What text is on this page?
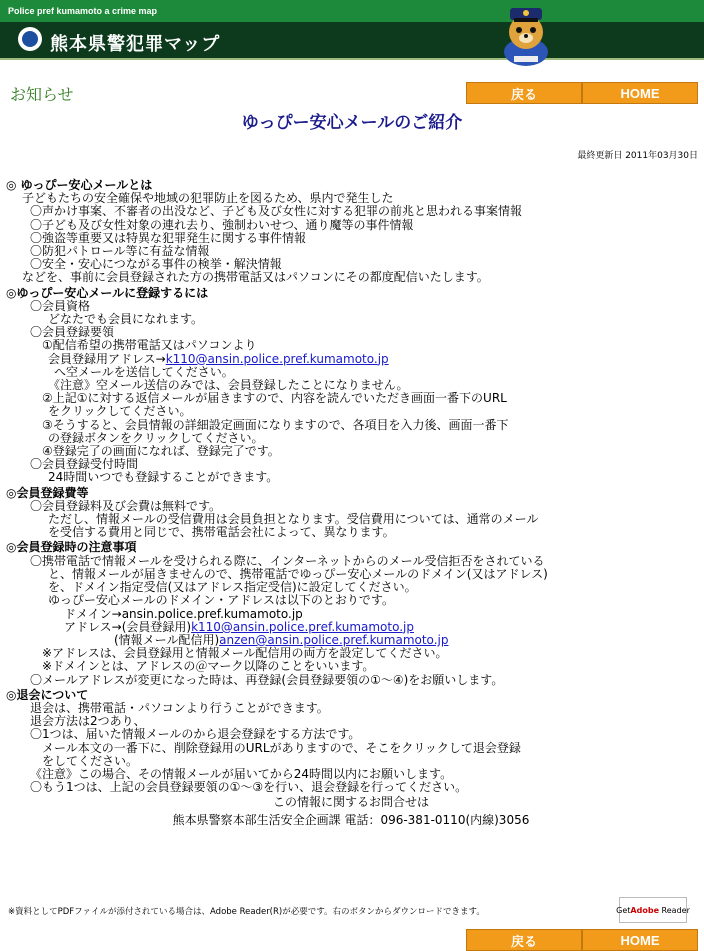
Police pref kumamoto a crime map
熊本県警犯罪マップ
お知らせ	戻る	HOME
ゆっぴー安心メールのご紹介
最終更新日 2011年03月30日
◎ ゆっぴー安心メールとは
子どもたちの安全確保や地域の犯罪防止を図るため、県内で発生した
〇声かけ事案、不審者の出没など、子ども及び女性に対する犯罪の前兆と思われる事案情報
〇子ども及び女性対象の連れ去り、強制わいせつ、通り魔等の事件情報
〇強盗等重要又は特異な犯罪発生に関する事件情報
〇防犯パトロール等に有益な情報
〇安全・安心につながる事件の検挙・解決情報
などを、事前に会員登録された方の携帯電話又はパソコンにその都度配信いたします。
◎ゆっぴー安心メールに登録するには
〇会員資格
どなたでも会員になれます。
〇会員登録要領
①配信希望の携帯電話又はパソコンより
会員登録用アドレス→k110@ansin.police.pref.kumamoto.jp
へ空メールを送信してください。
《注意》空メール送信のみでは、会員登録したことになりません。
②上記①に対する返信メールが届きますので、内容を読んでいただき画面一番下のURL
をクリックしてください。
③そうすると、会員情報の詳細設定画面になりますので、各項目を入力後、画面一番下
の登録ボタンをクリックしてください。
④登録完了の画面になれば、登録完了です。
〇会員登録受付時間
24時間いつでも登録することができます。
◎会員登録費等
〇会員登録料及び会費は無料です。
ただし、情報メールの受信費用は会員負担となります。受信費用については、通常のメール
を受信する費用と同じで、携帯電話会社によって、異なります。
◎会員登録時の注意事項
〇携帯電話で情報メールを受けられる際に、インターネットからのメール受信拒否をされている
と、情報メールが届きませんので、携帯電話でゆっぴー安心メールのドメイン(又はアドレス)
を、ドメイン指定受信(又はアドレス指定受信)に設定してください。
ゆっぴー安心メールのドメイン・アドレスは以下のとおりです。
ドメイン→ansin.police.pref.kumamoto.jp
アドレス→(会員登録用)k110@ansin.police.pref.kumamoto.jp
(情報メール配信用)anzen@ansin.police.pref.kumamoto.jp
※アドレスは、会員登録用と情報メール配信用の両方を設定してください。
※ドメインとは、アドレスの＠マーク以降のことをいいます。
〇メールアドレスが変更になった時は、再登録(会員登録要領の①～④)をお願いします。
◎退会について
退会は、携帯電話・パソコンより行うことができます。
退会方法は2つあり、
〇1つは、届いた情報メールのから退会登録をする方法です。
メール本文の一番下に、削除登録用のURLがありますので、そこをクリックして退会登録
をしてください。
《注意》この場合、その情報メールが届いてから24時間以内にお願いします。
〇もう1つは、上記の会員登録要領の①～③を行い、退会登録を行ってください。
この情報に関するお問合せは
熊本県警察本部生活安全企画課 電話：096-381-0110(内線)3056
※資料としてPDFファイルが添付されている場合は、Adobe Reader(R)が必要です。右のボタンからダウンロードできます。	Get Adobe
Reader
戻る	HOME
